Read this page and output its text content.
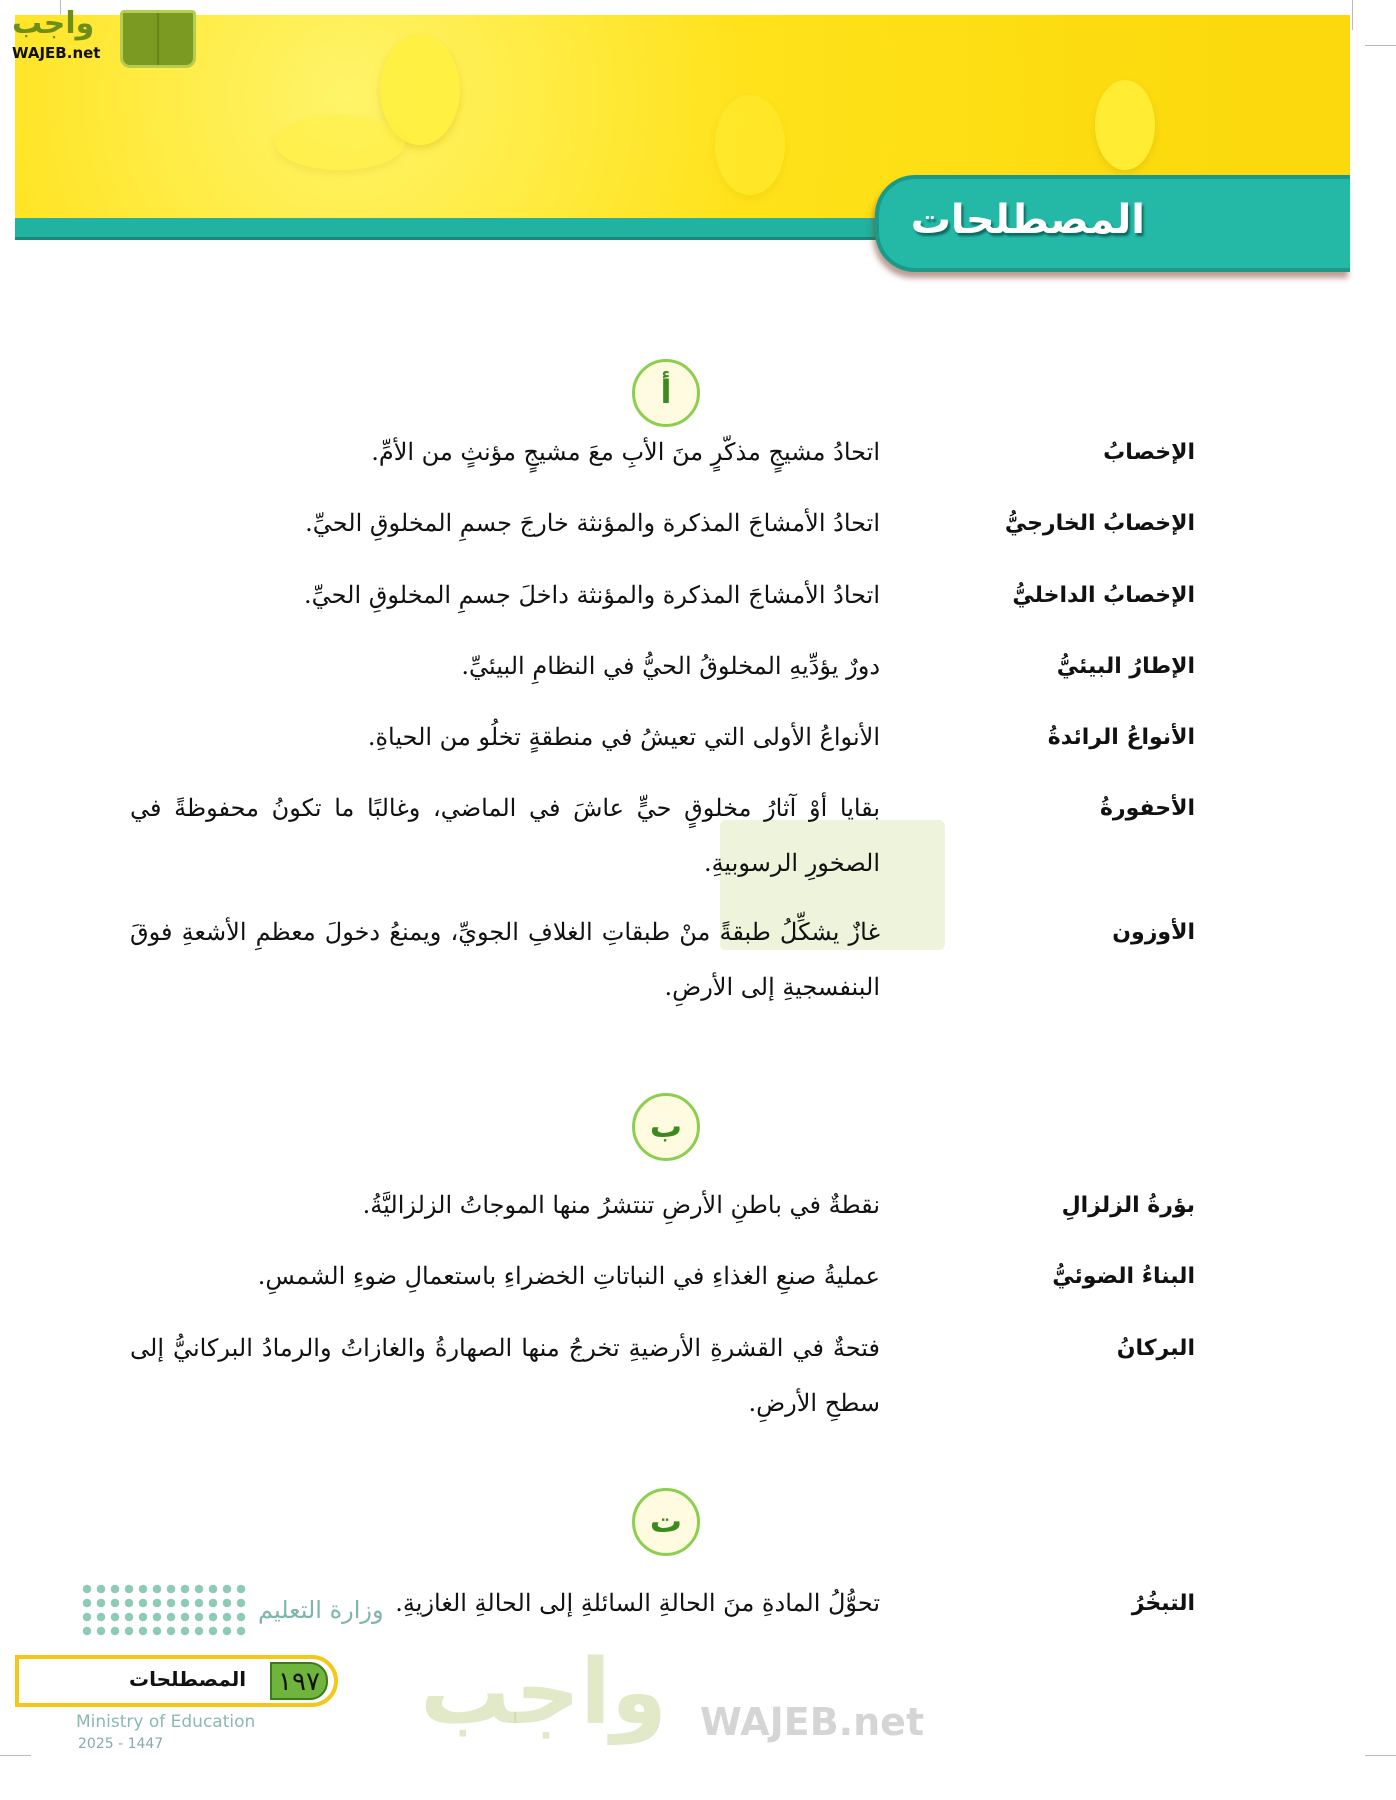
المصطلحات
واجب
WAJEB.net
واجب WAJEB.net
أ
الإخصابُ
اتحادُ مشيجٍ مذكّرٍ منَ الأبِ معَ مشيجٍ مؤنثٍ من الأمِّ.
الإخصابُ الخارجيُّ
اتحادُ الأمشاجَ المذكرة والمؤنثة خارجَ جسمِ المخلوقِ الحيِّ.
الإخصابُ الداخليُّ
اتحادُ الأمشاجَ المذكرة والمؤنثة داخلَ جسمِ المخلوقِ الحيِّ.
الإطارُ البيئيُّ
دورٌ يؤدِّيهِ المخلوقُ الحيُّ في النظامِ البيئيِّ.
الأنواعُ الرائدةُ
الأنواعُ الأولى التي تعيشُ في منطقةٍ تخلُو من الحياةِ.
الأحفورةُ
بقايا أوْ آثارُ مخلوقٍ حيٍّ عاشَ في الماضي، وغالبًا ما تكونُ محفوظةً في الصخورِ الرسوبيةِ.
الأوزون
غازٌ يشكِّلُ طبقةً منْ طبقاتِ الغلافِ الجويِّ، ويمنعُ دخولَ معظمِ الأشعةِ فوقَ البنفسجيةِ إلى الأرضِ.
ب
بؤرةُ الزلزالِ
نقطةٌ في باطنِ الأرضِ تنتشرُ منها الموجاتُ الزلزاليَّةُ.
البناءُ الضوئيُّ
عمليةُ صنعِ الغذاءِ في النباتاتِ الخضراءِ باستعمالِ ضوءِ الشمسِ.
البركانُ
فتحةٌ في القشرةِ الأرضيةِ تخرجُ منها الصهارةُ والغازاتُ والرمادُ البركانيُّ إلى سطحِ الأرضِ.
ت
التبخُرُ
تحوُّلُ المادةِ منَ الحالةِ السائلةِ إلى الحالةِ الغازيةِ.
وزارة التعليم
المصطلحات	١٩٧
Ministry of Education
2025 - 1447
